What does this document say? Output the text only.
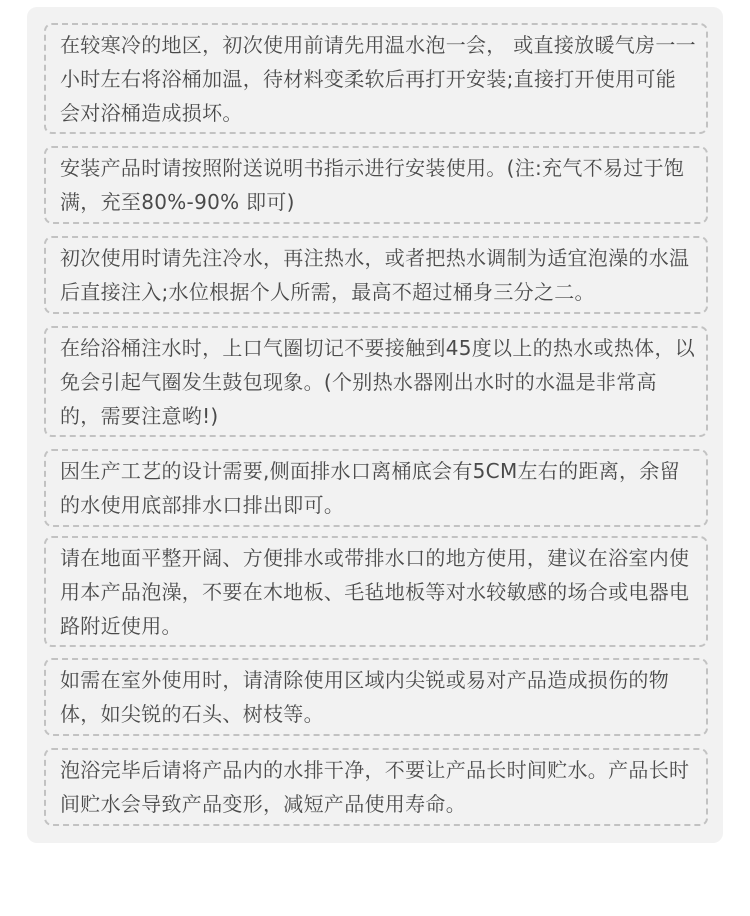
在较寒冷的地区，初次使用前请先用温水泡一会， 或直接放暖气房一一小时左右将浴桶加温，待材料变柔软后再打开安装;直接打开使用可能会对浴桶造成损坏。
安装产品时请按照附送说明书指示进行安装使用。(注:充气不易过于饱满，充至80%-90% 即可)
初次使用时请先注冷水，再注热水，或者把热水调制为适宜泡澡的水温后直接注入;水位根据个人所需，最高不超过桶身三分之二。
在给浴桶注水时，上口气圈切记不要接触到45度以上的热水或热体，以免会引起气圈发生鼓包现象。(个别热水器刚出水时的水温是非常高的，需要注意哟!)
因生产工艺的设计需要,侧面排水口离桶底会有5CM左右的距离，余留的水使用底部排水口排出即可。
请在地面平整开阔、方便排水或带排水口的地方使用，建议在浴室内使用本产品泡澡，不要在木地板、毛毡地板等对水较敏感的场合或电器电路附近使用。
如需在室外使用时，请清除使用区域内尖锐或易对产品造成损伤的物体，如尖锐的石头、树枝等。
泡浴完毕后请将产品内的水排干净，不要让产品长时间贮水。产品长时间贮水会导致产品变形，减短产品使用寿命。
